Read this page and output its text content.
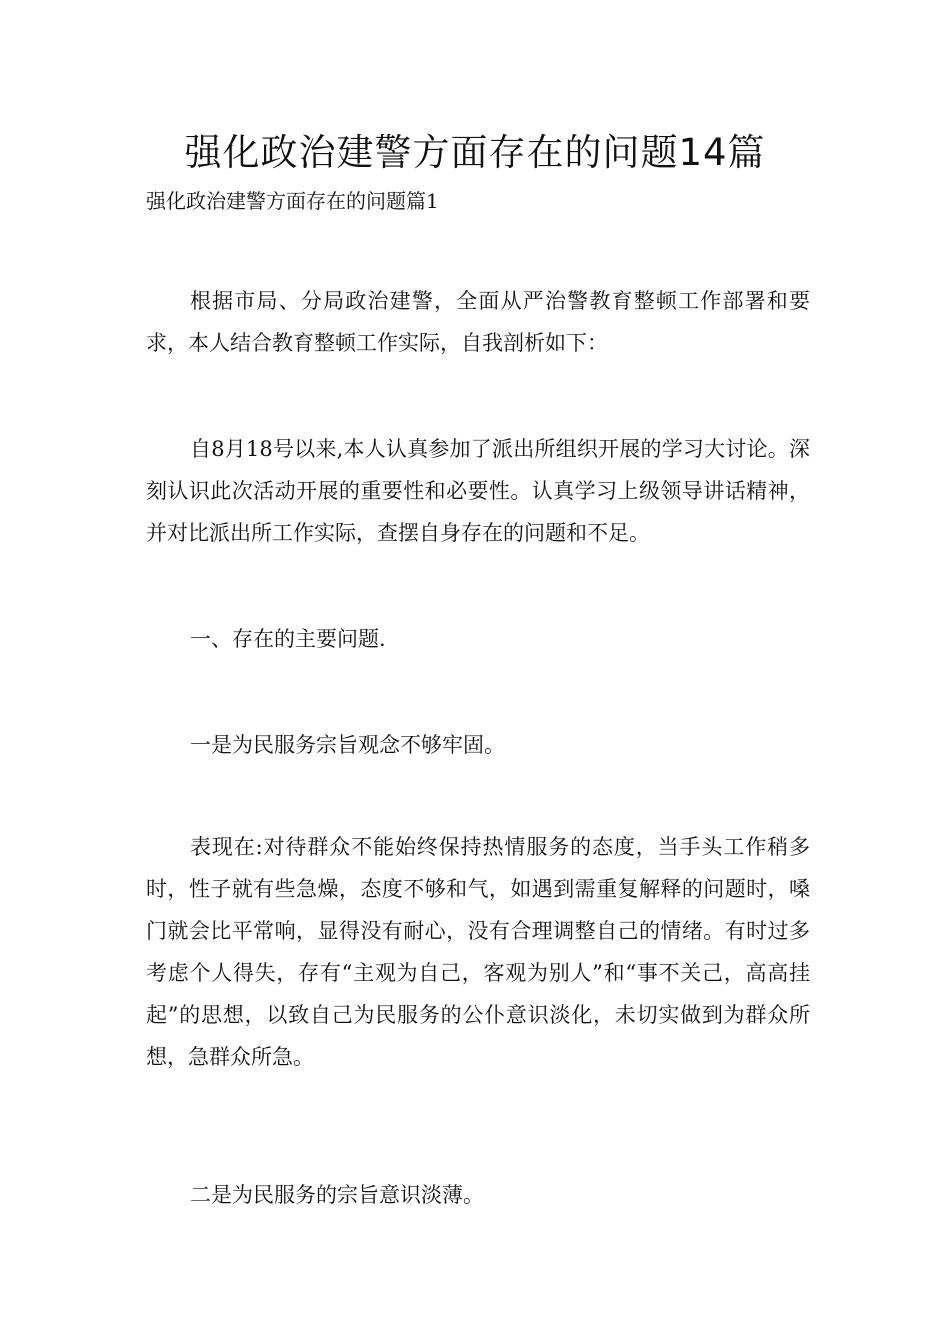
强化政治建警方面存在的问题14篇
强化政治建警方面存在的问题篇1

根据市局、分局政治建警，全面从严治警教育整顿工作部署和要求，本人结合教育整顿工作实际，自我剖析如下：

自8月18号以来,本人认真参加了派出所组织开展的学习大讨论。深刻认识此次活动开展的重要性和必要性。认真学习上级领导讲话精神，并对比派出所工作实际，查摆自身存在的问题和不足。

一、存在的主要问题.

一是为民服务宗旨观念不够牢固。

表现在:对待群众不能始终保持热情服务的态度，当手头工作稍多时，性子就有些急燥，态度不够和气，如遇到需重复解释的问题时，嗓门就会比平常响，显得没有耐心，没有合理调整自己的情绪。有时过多考虑个人得失，存有“主观为自己，客观为别人”和“事不关己，高高挂起”的思想，以致自己为民服务的公仆意识淡化，未切实做到为群众所想，急群众所急。

二是为民服务的宗旨意识淡薄。
